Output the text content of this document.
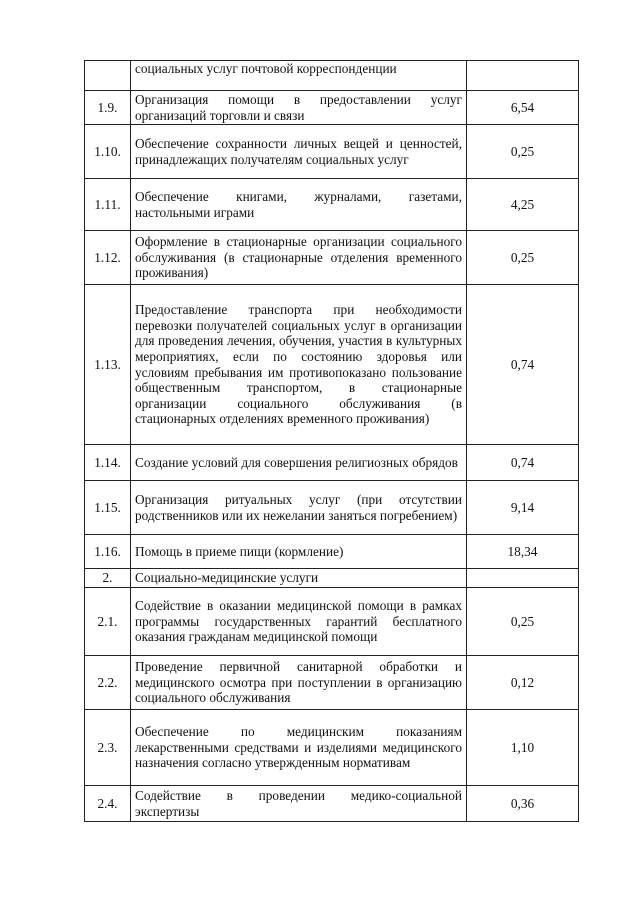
	социальных услуг почтовой корреспонденции	
1.9.	Организация помощи в предоставлении услуг организаций торговли и связи	6,54
1.10.	Обеспечение сохранности личных вещей и ценностей, принадлежащих получателям социальных услуг	0,25
1.11.	Обеспечение книгами, журналами, газетами, настольными играми	4,25
1.12.	Оформление в стационарные организации социального обслуживания (в стационарные отделения временного проживания)	0,25
1.13.	Предоставление транспорта при необходимости перевозки получателей социальных услуг в организации для проведения лечения, обучения, участия в культурных мероприятиях, если по состоянию здоровья или условиям пребывания им противопоказано пользование общественным транспортом, в стационарные организации социального обслуживания (в стационарных отделениях временного проживания)	0,74
1.14.	Создание условий для совершения религиозных обрядов	0,74
1.15.	Организация ритуальных услуг (при отсутствии родственников или их нежелании заняться погребением)	9,14
1.16.	Помощь в приеме пищи (кормление)	18,34
2.	Социально-медицинские услуги	
2.1.	Содействие в оказании медицинской помощи в рамках программы государственных гарантий бесплатного оказания гражданам медицинской помощи	0,25
2.2.	Проведение первичной санитарной обработки и медицинского осмотра при поступлении в организацию социального обслуживания	0,12
2.3.	Обеспечение по медицинским показаниям лекарственными средствами и изделиями медицинского назначения согласно утвержденным нормативам	1,10
2.4.	Содействие в проведении медико-социальной экспертизы	0,36
